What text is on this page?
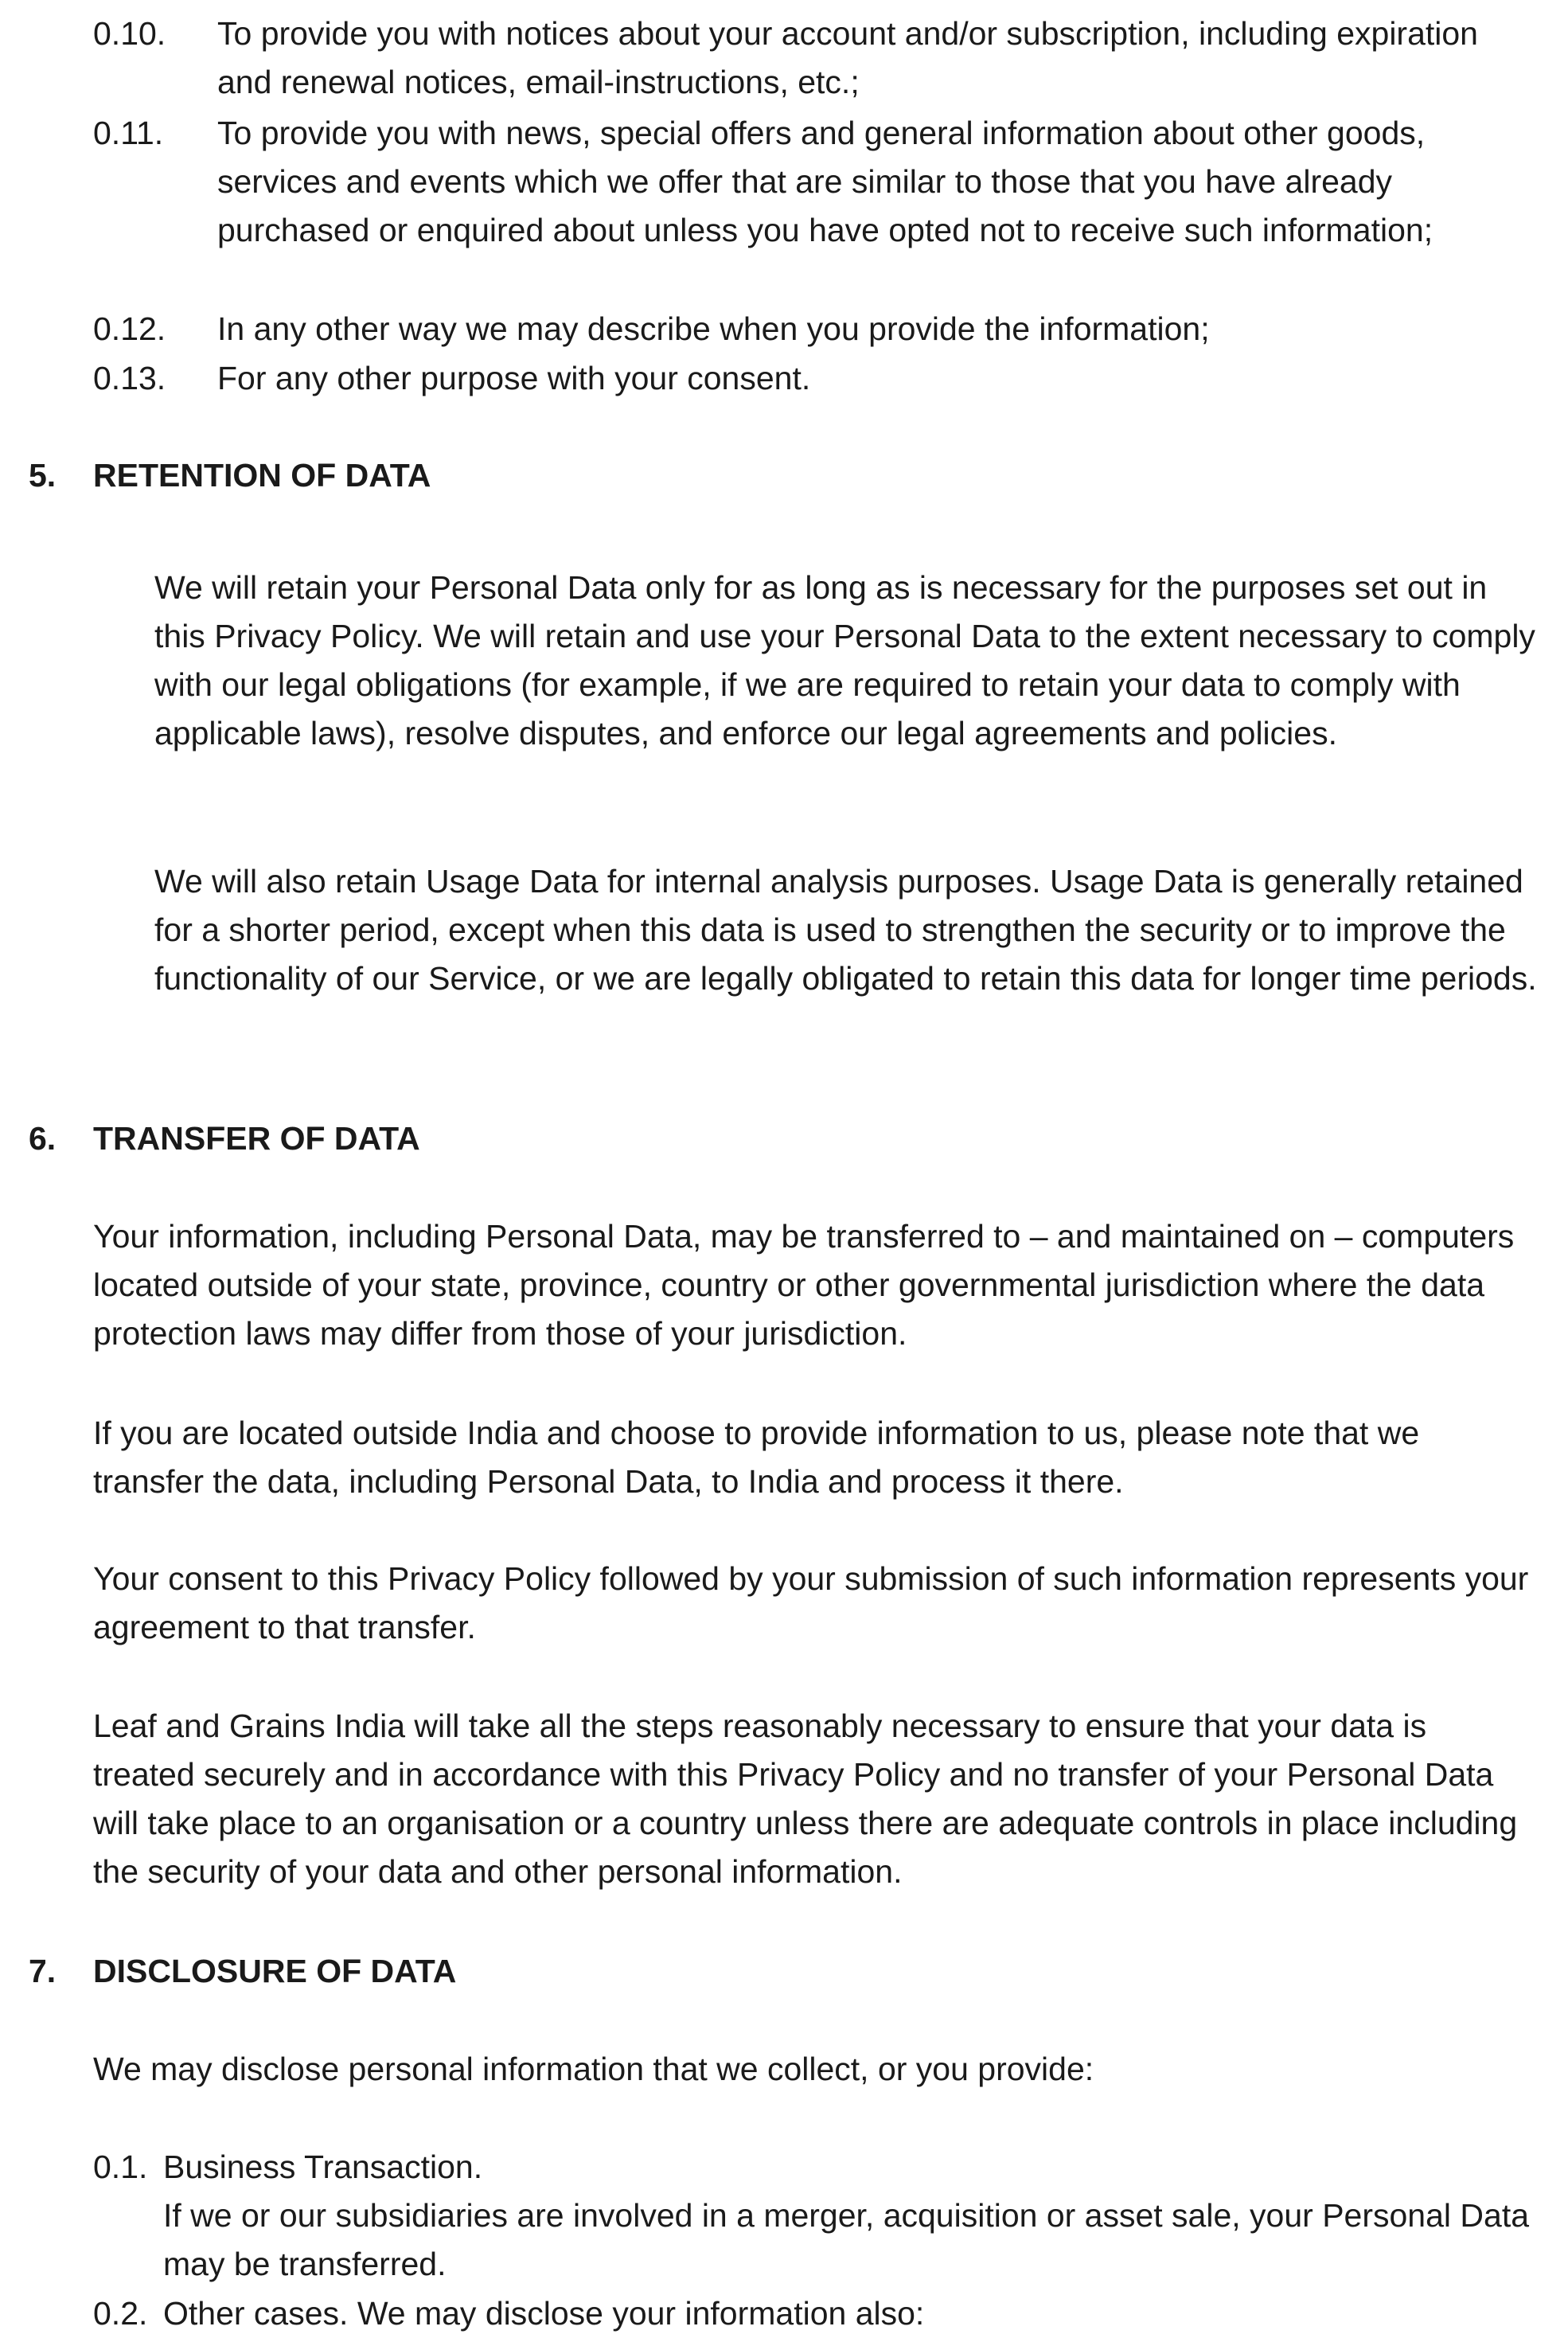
0.10. To provide you with notices about your account and/or subscription, including expiration and renewal notices, email-instructions, etc.;
0.11. To provide you with news, special offers and general information about other goods, services and events which we offer that are similar to those that you have already purchased or enquired about unless you have opted not to receive such information;
0.12. In any other way we may describe when you provide the information;
0.13. For any other purpose with your consent.
5. RETENTION OF DATA
We will retain your Personal Data only for as long as is necessary for the purposes set out in this Privacy Policy. We will retain and use your Personal Data to the extent necessary to comply with our legal obligations (for example, if we are required to retain your data to comply with applicable laws), resolve disputes, and enforce our legal agreements and policies.
We will also retain Usage Data for internal analysis purposes. Usage Data is generally retained for a shorter period, except when this data is used to strengthen the security or to improve the functionality of our Service, or we are legally obligated to retain this data for longer time periods.
6. TRANSFER OF DATA
Your information, including Personal Data, may be transferred to – and maintained on – computers located outside of your state, province, country or other governmental jurisdiction where the data protection laws may differ from those of your jurisdiction.
If you are located outside India and choose to provide information to us, please note that we transfer the data, including Personal Data, to India and process it there.
Your consent to this Privacy Policy followed by your submission of such information represents your agreement to that transfer.
Leaf and Grains India will take all the steps reasonably necessary to ensure that your data is treated securely and in accordance with this Privacy Policy and no transfer of your Personal Data will take place to an organisation or a country unless there are adequate controls in place including the security of your data and other personal information.
7. DISCLOSURE OF DATA
We may disclose personal information that we collect, or you provide:
0.1. Business Transaction.
If we or our subsidiaries are involved in a merger, acquisition or asset sale, your Personal Data may be transferred.
0.2. Other cases. We may disclose your information also:
